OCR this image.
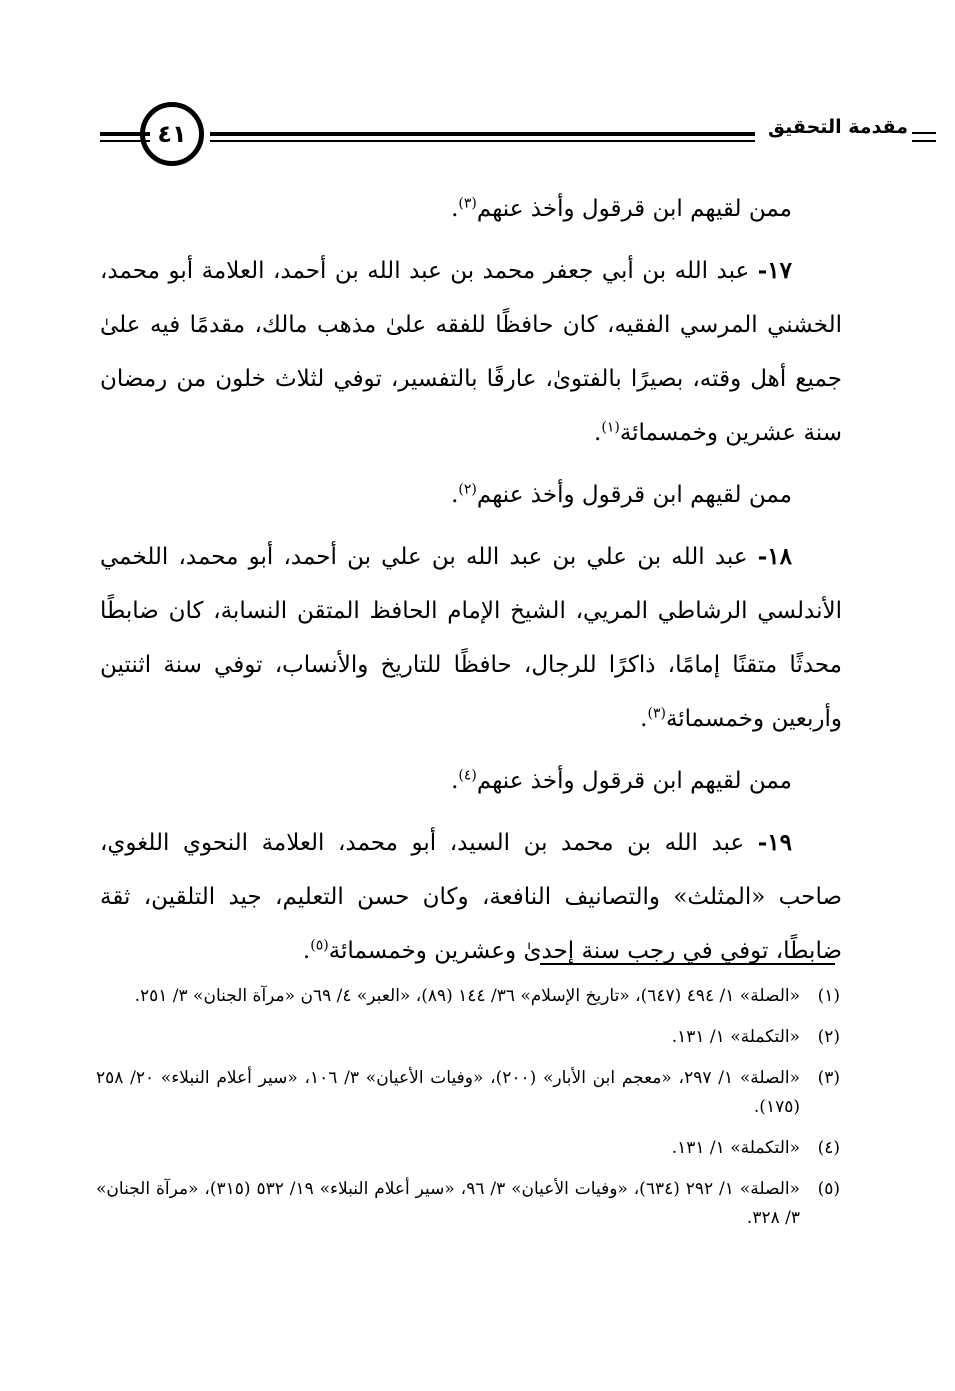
٤١	مقدمة التحقيق

ممن لقيهم ابن قرقول وأخذ عنهم$^{(٣)}$.

١٧- عبد الله بن أبي جعفر محمد بن عبد الله بن أحمد، العلامة أبو محمد، الخشني المرسي الفقيه، كان حافظًا للفقه علىٰ مذهب مالك، مقدمًا فيه علىٰ جميع أهل وقته، بصيرًا بالفتوىٰ، عارفًا بالتفسير، توفي لثلاث خلون من رمضان سنة عشرين وخمسمائة$^{(١)}$.

ممن لقيهم ابن قرقول وأخذ عنهم$^{(٢)}$.

١٨- عبد الله بن علي بن عبد الله بن علي بن أحمد، أبو محمد، اللخمي الأندلسي الرشاطي المريي، الشيخ الإمام الحافظ المتقن النسابة، كان ضابطًا محدثًا متقنًا إمامًا، ذاكرًا للرجال، حافظًا للتاريخ والأنساب، توفي سنة اثنتين وأربعين وخمسمائة$^{(٣)}$.

ممن لقيهم ابن قرقول وأخذ عنهم$^{(٤)}$.

١٩- عبد الله بن محمد بن السيد، أبو محمد، العلامة النحوي اللغوي، صاحب «المثلث» والتصانيف النافعة، وكان حسن التعليم، جيد التلقين، ثقة ضابطًا، توفي في رجب سنة إحدىٰ وعشرين وخمسمائة$^{(٥)}$.

(١)
«الصلة» ١/ ٤٩٤ (٦٤٧)، «تاريخ الإسلام» ٣٦/ ١٤٤ (٨٩)، «العبر» ٤/ ٦٩ن «مرآة الجنان» ٣/ ٢٥١.
(٢)
«التكملة» ١/ ١٣١.
(٣)
«الصلة» ١/ ٢٩٧، «معجم ابن الأبار» (٢٠٠)، «وفيات الأعيان» ٣/ ١٠٦، «سير أعلام النبلاء» ٢٠/ ٢٥٨ (١٧٥).
(٤)
«التكملة» ١/ ١٣١.
(٥)
«الصلة» ١/ ٢٩٢ (٦٣٤)، «وفيات الأعيان» ٣/ ٩٦، «سير أعلام النبلاء» ١٩/ ٥٣٢ (٣١٥)، «مرآة الجنان» ٣/ ٣٢٨.
